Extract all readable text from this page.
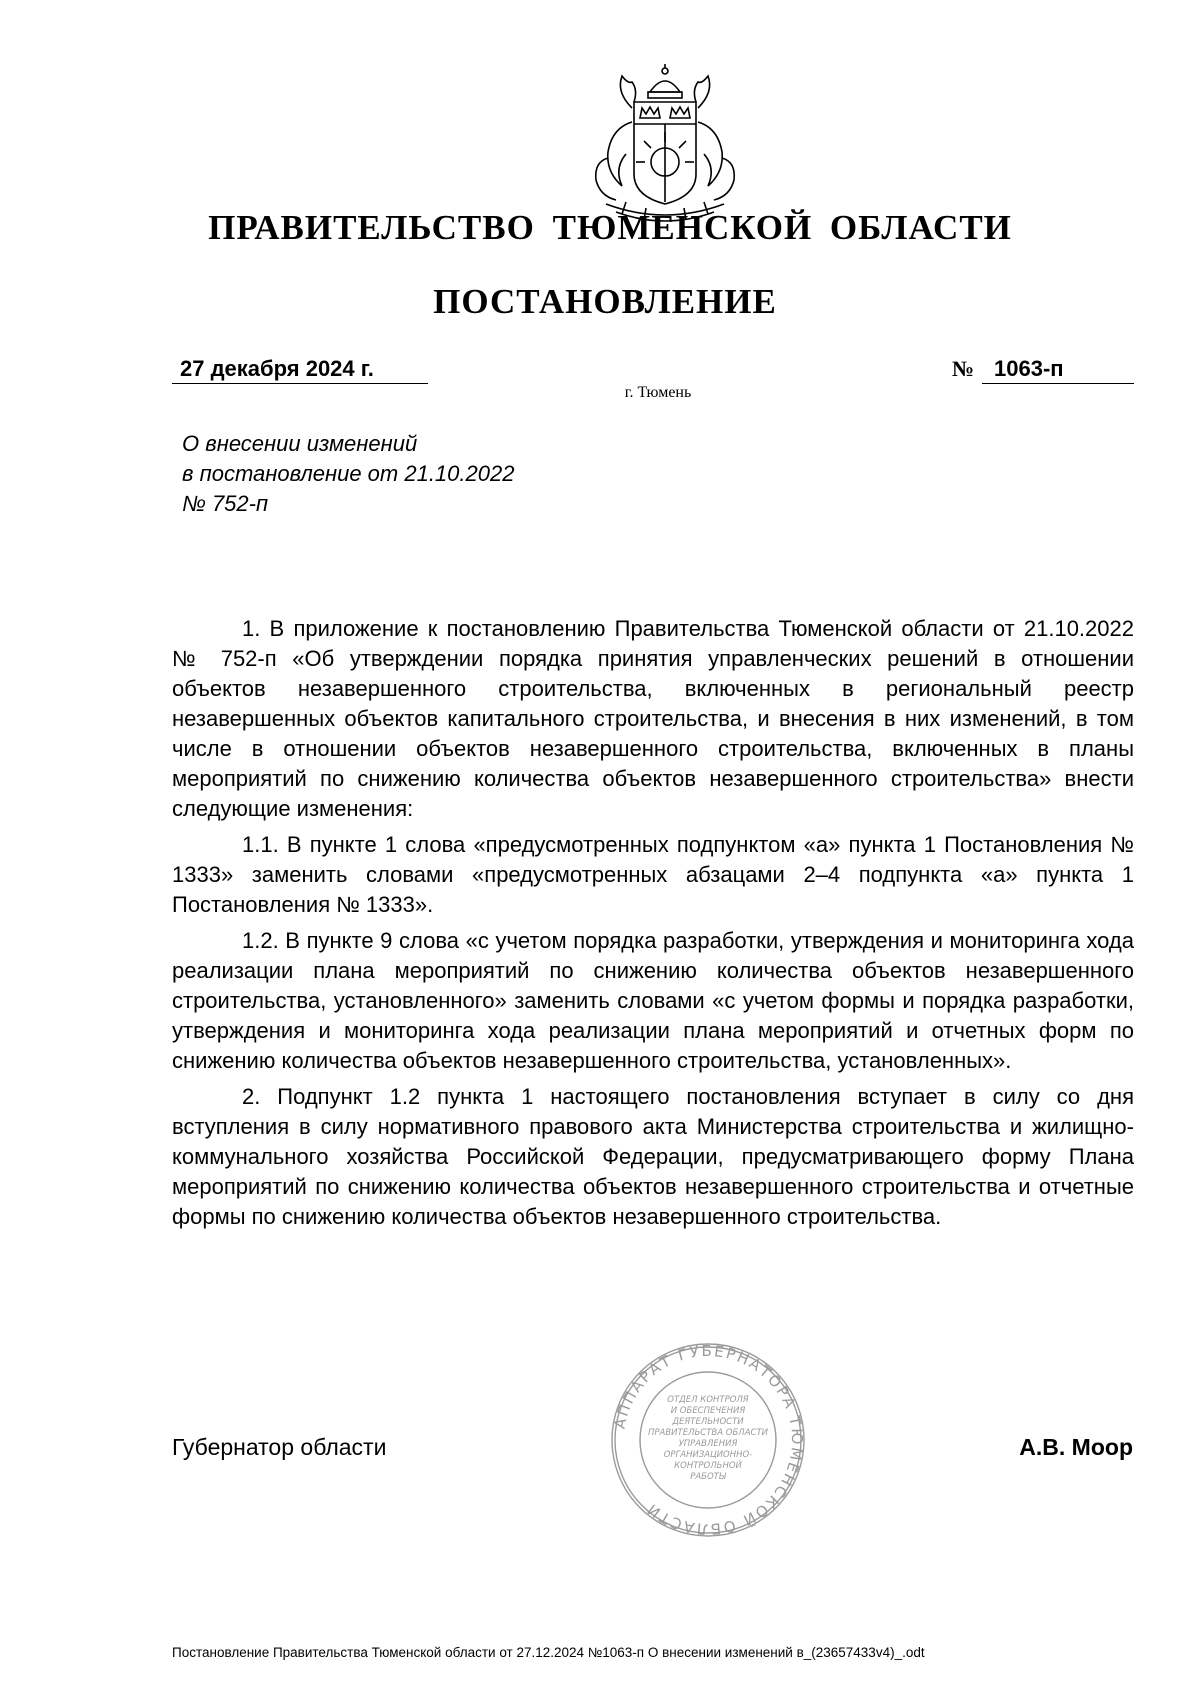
ПРАВИТЕЛЬСТВО ТЮМЕНСКОЙ ОБЛАСТИ
ПОСТАНОВЛЕНИЕ
27 декабря 2024 г.	№ 1063-п
г. Тюмень
О внесении изменений
в постановление от 21.10.2022
№ 752-п

1. В приложение к постановлению Правительства Тюменской области от 21.10.2022 № 752-п «Об утверждении порядка принятия управленческих решений в отношении объектов незавершенного строительства, включенных в региональный реестр незавершенных объектов капитального строительства, и внесения в них изменений, в том числе в отношении объектов незавершенного строительства, включенных в планы мероприятий по снижению количества объектов незавершенного строительства» внести следующие изменения:

1.1. В пункте 1 слова «предусмотренных подпунктом «а» пункта 1 Постановления № 1333» заменить словами «предусмотренных абзацами 2–4 подпункта «а» пункта 1 Постановления № 1333».

1.2. В пункте 9 слова «с учетом порядка разработки, утверждения и мониторинга хода реализации плана мероприятий по снижению количества объектов незавершенного строительства, установленного» заменить словами «с учетом формы и порядка разработки, утверждения и мониторинга хода реализации плана мероприятий и отчетных форм по снижению количества объектов незавершенного строительства, установленных».

2. Подпункт 1.2 пункта 1 настоящего постановления вступает в силу со дня вступления в силу нормативного правового акта Министерства строительства и жилищно-коммунального хозяйства Российской Федерации, предусматривающего форму Плана мероприятий по снижению количества объектов незавершенного строительства и отчетные формы по снижению количества объектов незавершенного строительства.

Губернатор области
АППАРАТ ГУБЕРНАТОРА ТЮМЕНСКОЙ ОБЛАСТИ
ОТДЕЛ КОНТРОЛЯ
И ОБЕСПЕЧЕНИЯ
ДЕЯТЕЛЬНОСТИ
ПРАВИТЕЛЬСТВА ОБЛАСТИ
УПРАВЛЕНИЯ
ОРГАНИЗАЦИОННО-
КОНТРОЛЬНОЙ
РАБОТЫ
А.В. Моор
Постановление Правительства Тюменской области от 27.12.2024 №1063-п О внесении изменений в_(23657433v4)_.odt
